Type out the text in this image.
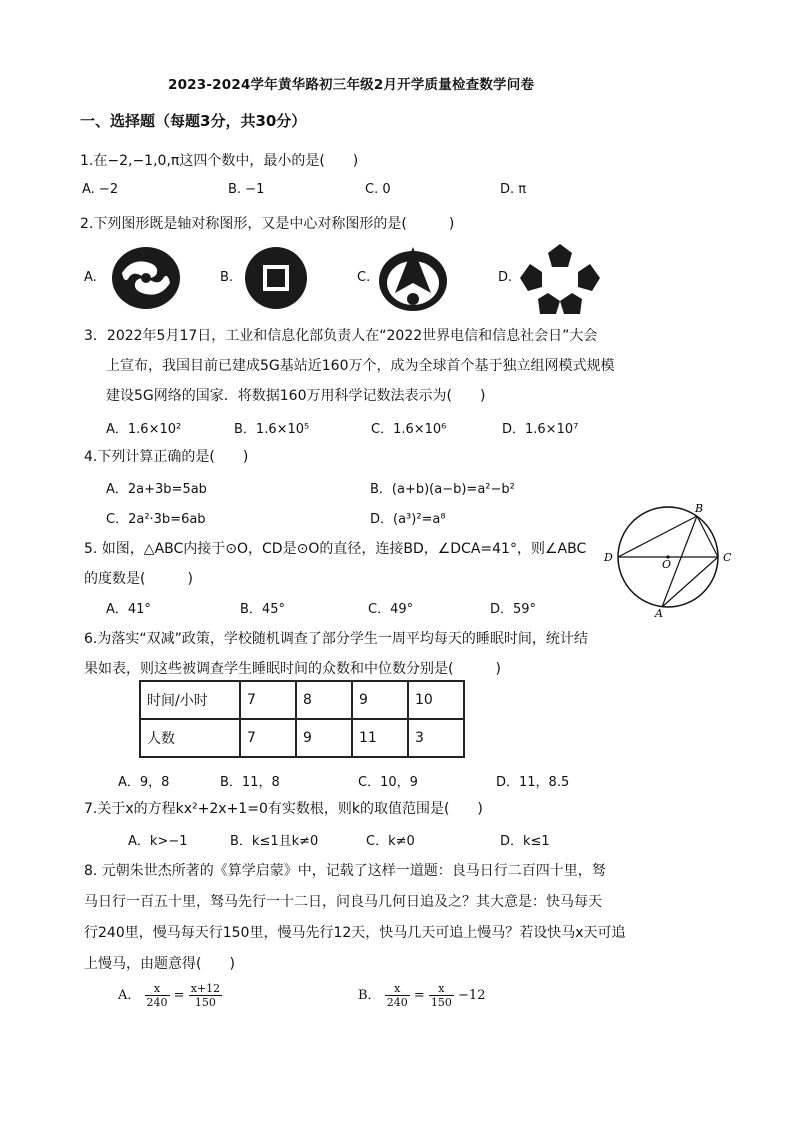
2023-2024学年黄华路初三年级2月开学质量检查数学问卷
一、选择题（每题3分，共30分）
1.在−2,−1,0,π这四个数中，最小的是(　　)
A. −2	B. −1	C. 0	D. π
2.下列图形既是轴对称图形，又是中心对称图形的是(　　　)
A.	B.	C.	D.
3．2022年5月17日，工业和信息化部负责人在“2022世界电信和信息社会日”大会
上宣布，我国目前已建成5G基站近160万个，成为全球首个基于独立组网模式规模
建设5G网络的国家．将数据160万用科学记数法表示为(　　)
A．1.6×10²	B．1.6×10⁵	C．1.6×10⁶	D．1.6×10⁷
4.下列计算正确的是(　　)
A．2a+3b=5ab	B．(a+b)(a−b)=a²−b²
C．2a²·3b=6ab	D．(a³)²=a⁸
5. 如图，△ABC内接于⊙O，CD是⊙O的直径，连接BD，∠DCA=41°，则∠ABC
的度数是(　　　)
A．41°	B．45°	C．49°	D．59°
B
C
D
O
A
6.为落实“双减”政策，学校随机调查了部分学生一周平均每天的睡眠时间，统计结
果如表，则这些被调查学生睡眠时间的众数和中位数分别是(　　　)
时间/小时	7	8	9	10
人数	7	9	11	3
A．9，8	B．11，8	C．10，9	D．11，8.5
7.关于x的方程kx²+2x+1=0有实数根，则k的取值范围是(　　)
A．k>−1	B．k≤1且k≠0	C．k≠0	D．k≤1
8. 元朝朱世杰所著的《算学启蒙》中，记载了这样一道题：良马日行二百四十里，驽
马日行一百五十里，驽马先行一十二日，问良马几何日追及之？其大意是：快马每天
行240里，慢马每天行150里，慢马先行12天，快马几天可追上慢马？若设快马x天可追
上慢马，由题意得(　　)
A． $\frac{x}{240} = \frac{x+12}{150}$	B． $\frac{x}{240} = \frac{x}{150} -12$
